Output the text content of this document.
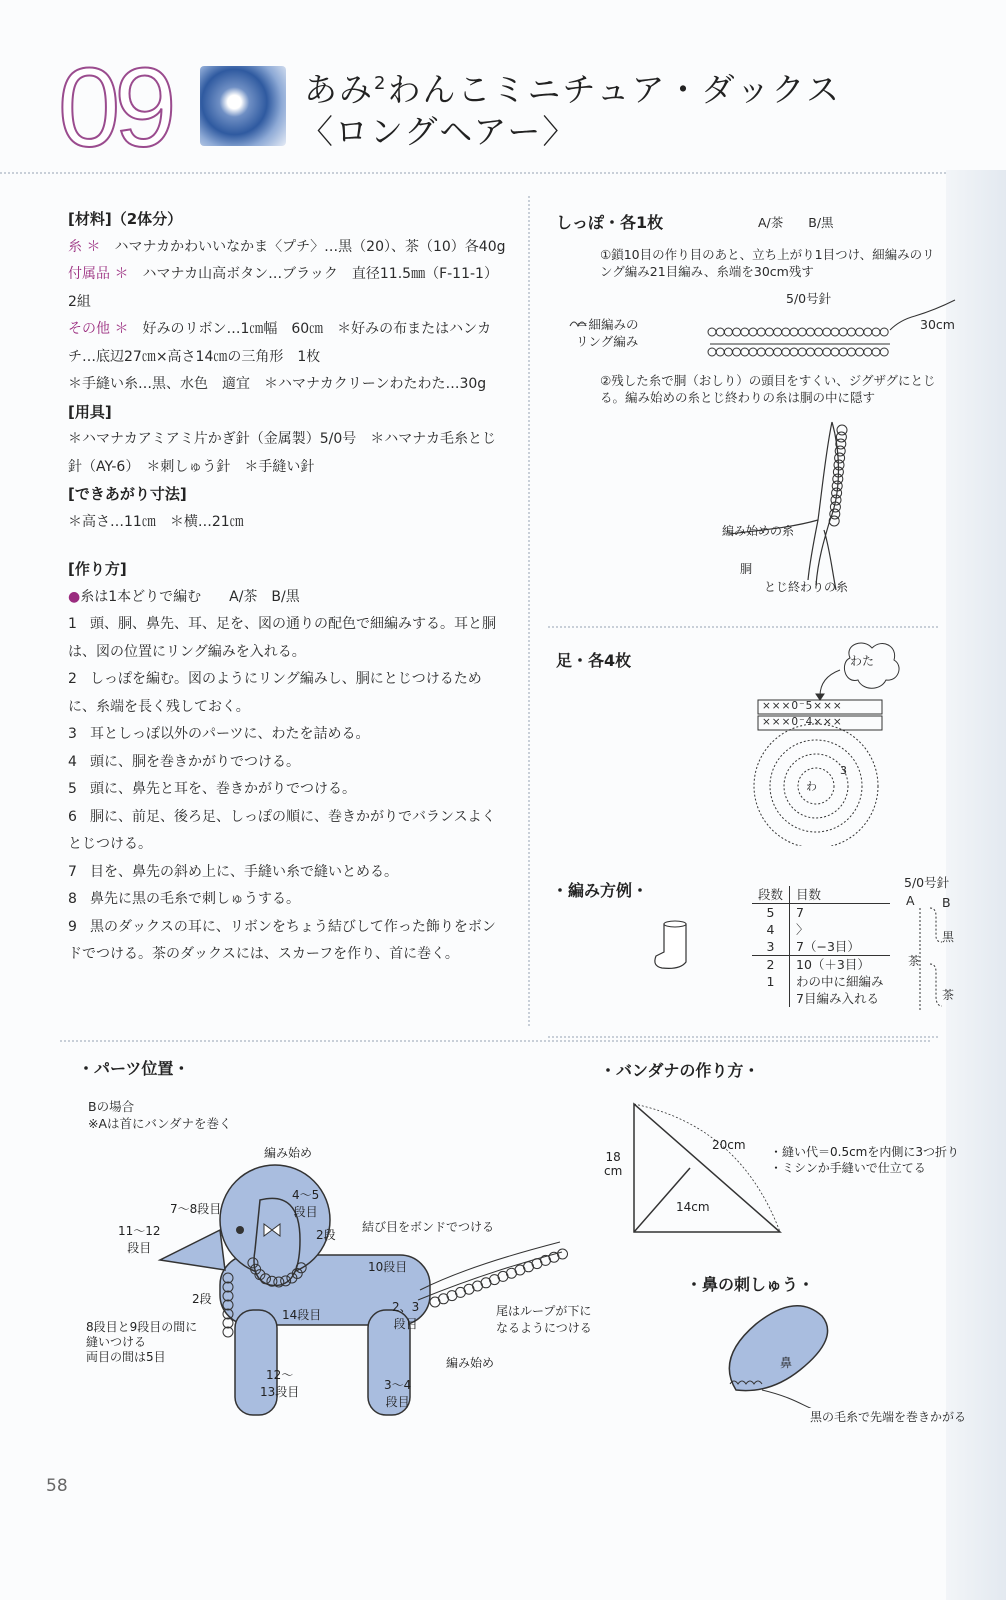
09	あみ$^2$わんこミニチュア・ダックス
〈ロングヘアー〉
[材料]（2体分）
糸 ＊　 ハマナカかわいいなかま〈プチ〉…黒（20）、茶（10）各40g
付属品 ＊　 ハマナカ山高ボタン…ブラック　直径11.5㎜（F-11-1）　2組
その他 ＊　 好みのリボン…1㎝幅　60㎝　＊好みの布またはハンカチ…底辺27㎝×高さ14㎝の三角形　1枚
＊手縫い糸…黒、水色　適宜　＊ハマナカクリーンわたわた…30g
[用具]
＊ハマナカアミアミ片かぎ針（金属製）5/0号　＊ハマナカ毛糸とじ針（AY-6）　＊刺しゅう針　＊手縫い針
[できあがり寸法]
＊高さ…11㎝　＊横…21㎝
[作り方]
●糸は1本どりで編む　　A/茶　B/黒
1 頭、胴、鼻先、耳、足を、図の通りの配色で細編みする。耳と胴は、図の位置にリング編みを入れる。
2 しっぽを編む。図のようにリング編みし、胴にとじつけるために、糸端を長く残しておく。
3 耳としっぽ以外のパーツに、わたを詰める。
4 頭に、胴を巻きかがりでつける。
5 頭に、鼻先と耳を、巻きかがりでつける。
6 胴に、前足、後ろ足、しっぽの順に、巻きかがりでバランスよくとじつける。
7 目を、鼻先の斜め上に、手縫い糸で縫いとめる。
8 鼻先に黒の毛糸で刺しゅうする。
9 黒のダックスの耳に、リボンをちょう結びして作った飾りをボンドでつける。茶のダックスには、スカーフを作り、首に巻く。
しっぽ・各1枚	A/茶　　B/黒
①鎖10目の作り目のあと、立ち上がり1目つけ、細編みのリング編み21目編み、糸端を30cm残す
5/0号針
＝細編みの
リング編み
30cm
②残した糸で胴（おしり）の頭目をすくい、ジグザグにとじる。編み始めの糸とじ終わりの糸は胴の中に隠す
編み始めの糸
胴
とじ終わりの糸
足・各4枚	わた
×××0⁻5×××
×××0⁻4×××
わ
3
・編み方例・	5/0号針
A B
段数	目数
5	7
4	〉
3	7（−3目）
2	10（＋3目）
1	わの中に細編み
7目編み入れる
黒
茶
茶
・パーツ位置・
Bの場合
※Aは首にバンダナを巻く
編み始め
7〜8段目
4〜5
段目
2段
結び目をボンドでつける
11〜12
段目
10段目
2段
14段目
2、3
段目
尾はループが下に
なるようにつける
8段目と9段目の間に
縫いつける
両目の間は5目	編み始め
12〜
13段目	3〜4
段目
・バンダナの作り方・
18
cm
20cm
14cm
・縫い代＝0.5cmを内側に3つ折り
・ミシンか手縫いで仕立てる
・鼻の刺しゅう・
鼻
黒の毛糸で先端を巻きかがる
58
